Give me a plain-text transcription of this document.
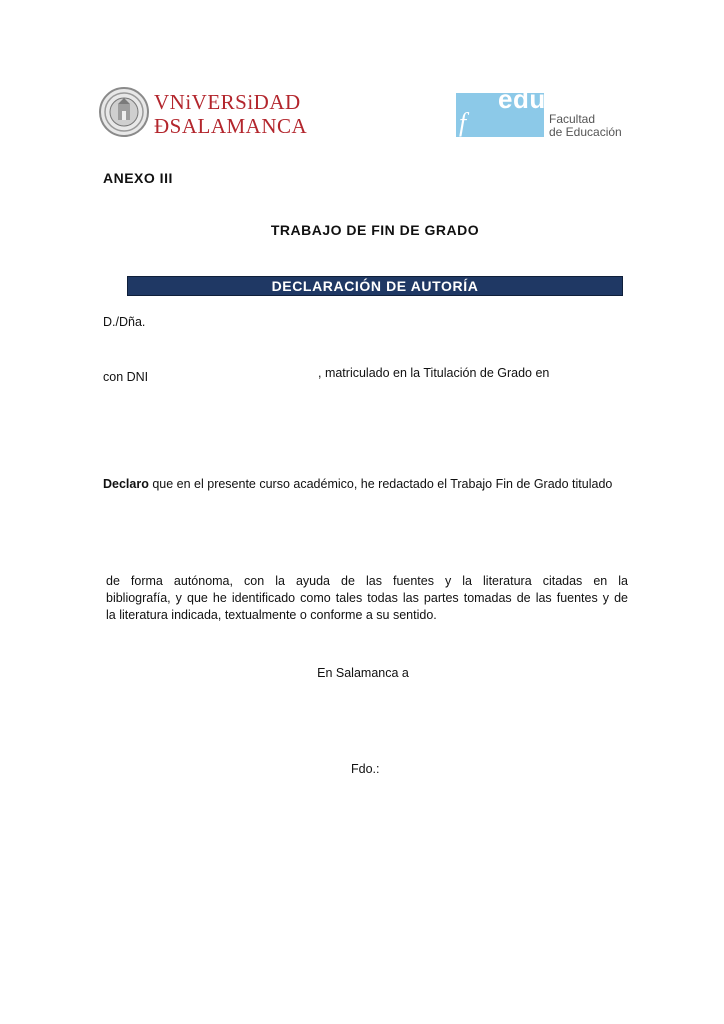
VNiVERSiDAD
ÐSALAMANCA	f
edu
Facultad
de Educación
ANEXO III
TRABAJO DE FIN DE GRADO
DECLARACIÓN DE AUTORÍA
D./Dña.
con DNI	, matriculado en la Titulación de Grado en
Declaro que en el presente curso académico, he redactado el Trabajo Fin de Grado titulado
de forma autónoma, con la ayuda de las fuentes y la literatura citadas en la
bibliografía, y que he identificado como tales todas las partes tomadas de las fuentes y de
la literatura indicada, textualmente o conforme a su sentido.
En Salamanca a
Fdo.:
